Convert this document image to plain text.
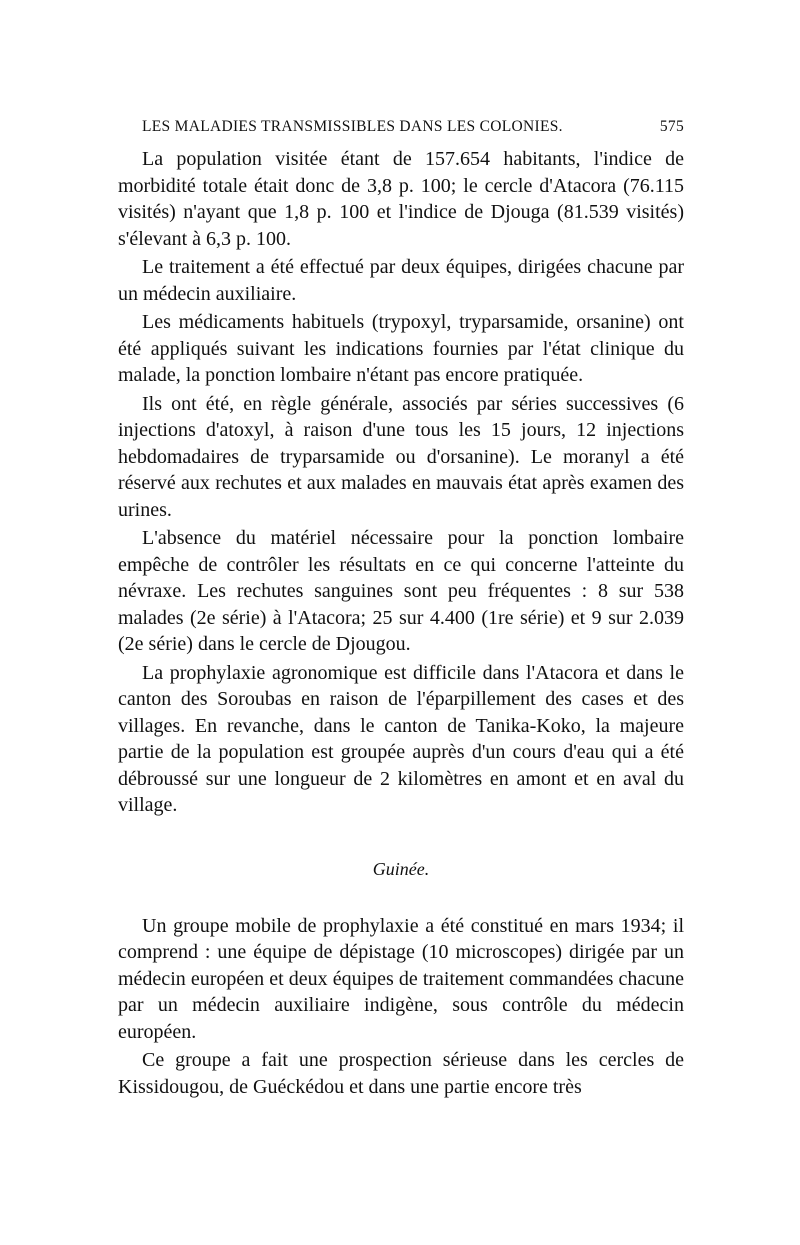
LES MALADIES TRANSMISSIBLES DANS LES COLONIES.	575

La population visitée étant de 157.654 habitants, l'indice de morbidité totale était donc de 3,8 p. 100; le cercle d'Atacora (76.115 visités) n'ayant que 1,8 p. 100 et l'indice de Djouga (81.539 visités) s'élevant à 6,3 p. 100.

Le traitement a été effectué par deux équipes, dirigées chacune par un médecin auxiliaire.

Les médicaments habituels (trypoxyl, tryparsamide, orsanine) ont été appliqués suivant les indications fournies par l'état clinique du malade, la ponction lombaire n'étant pas encore pratiquée.

Ils ont été, en règle générale, associés par séries successives (6 injections d'atoxyl, à raison d'une tous les 15 jours, 12 injections hebdomadaires de tryparsamide ou d'orsanine). Le moranyl a été réservé aux rechutes et aux malades en mauvais état après examen des urines.

L'absence du matériel nécessaire pour la ponction lombaire empêche de contrôler les résultats en ce qui concerne l'atteinte du névraxe. Les rechutes sanguines sont peu fréquentes : 8 sur 538 malades (2e série) à l'Atacora; 25 sur 4.400 (1re série) et 9 sur 2.039 (2e série) dans le cercle de Djougou.

La prophylaxie agronomique est difficile dans l'Atacora et dans le canton des Soroubas en raison de l'éparpillement des cases et des villages. En revanche, dans le canton de Tanika-Koko, la majeure partie de la population est groupée auprès d'un cours d'eau qui a été débroussé sur une longueur de 2 kilomètres en amont et en aval du village.

Guinée.

Un groupe mobile de prophylaxie a été constitué en mars 1934; il comprend : une équipe de dépistage (10 microscopes) dirigée par un médecin européen et deux équipes de traitement commandées chacune par un médecin auxiliaire indigène, sous contrôle du médecin européen.

Ce groupe a fait une prospection sérieuse dans les cercles de Kissidougou, de Guéckédou et dans une partie encore très
